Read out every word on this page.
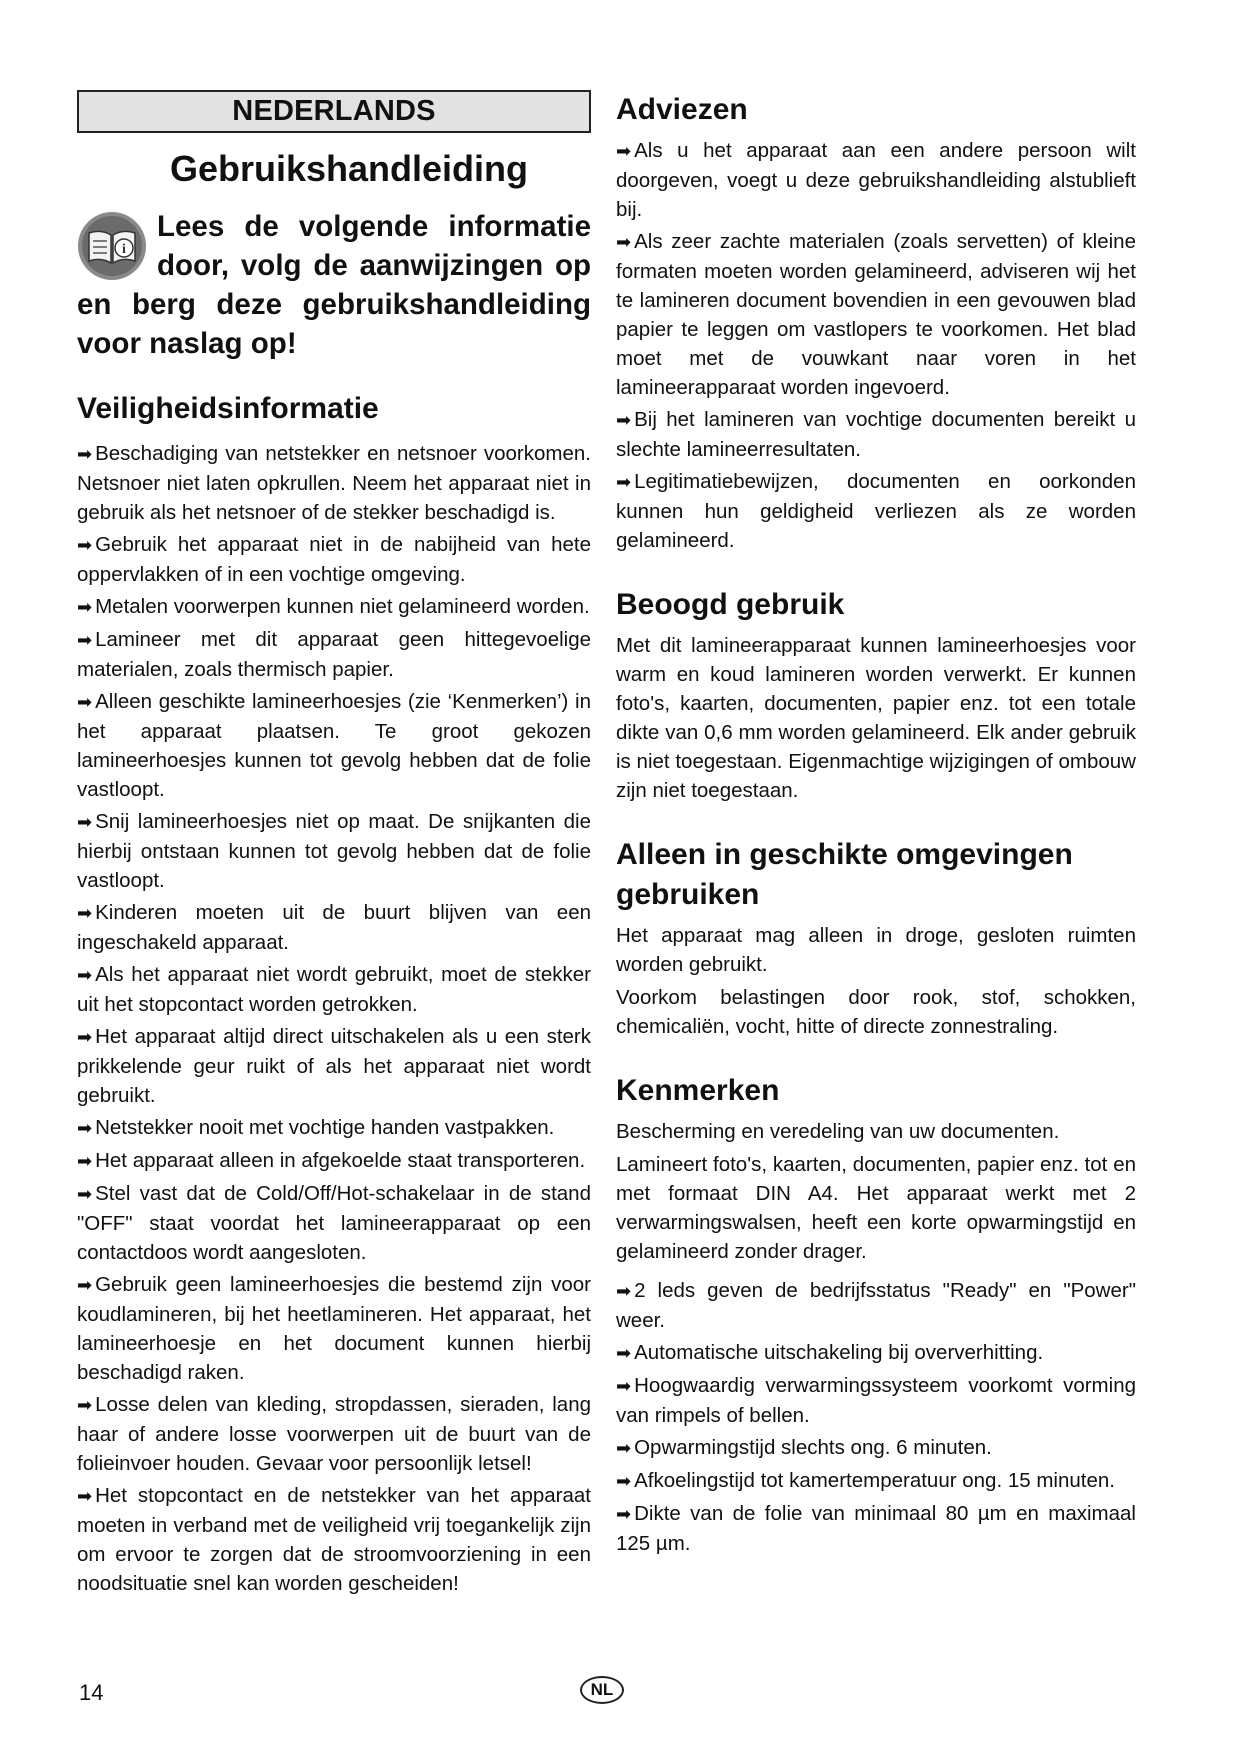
NEDERLANDS
Gebruikshandleiding
i

Lees de volgende informatie door, volg de aanwijzingen op en berg deze gebruikshandleiding voor naslag op!

Veiligheidsinformatie

➡ Beschadiging van netstekker en netsnoer voorkomen. Netsnoer niet laten opkrullen. Neem het apparaat niet in gebruik als het netsnoer of de stekker beschadigd is.

➡ Gebruik het apparaat niet in de nabijheid van hete oppervlakken of in een vochtige omgeving.

➡ Metalen voorwerpen kunnen niet gelamineerd worden.

➡ Lamineer met dit apparaat geen hittegevoelige materialen, zoals thermisch papier.

➡ Alleen geschikte lamineerhoesjes (zie ‘Kenmerken’) in het apparaat plaatsen. Te groot gekozen lamineerhoesjes kunnen tot gevolg hebben dat de folie vastloopt.

➡ Snij lamineerhoesjes niet op maat. De snijkanten die hierbij ontstaan kunnen tot gevolg hebben dat de folie vastloopt.

➡ Kinderen moeten uit de buurt blijven van een ingeschakeld apparaat.

➡ Als het apparaat niet wordt gebruikt, moet de stekker uit het stopcontact worden getrokken.

➡ Het apparaat altijd direct uitschakelen als u een sterk prikkelende geur ruikt of als het apparaat niet wordt gebruikt.

➡ Netstekker nooit met vochtige handen vastpakken.

➡ Het apparaat alleen in afgekoelde staat transporteren.

➡ Stel vast dat de Cold/Off/Hot-schakelaar in de stand "OFF" staat voordat het lamineerapparaat op een contactdoos wordt aangesloten.

➡ Gebruik geen lamineerhoesjes die bestemd zijn voor koudlamineren, bij het heetlamineren. Het apparaat, het lamineerhoesje en het document kunnen hierbij beschadigd raken.

➡ Losse delen van kleding, stropdassen, sieraden, lang haar of andere losse voorwerpen uit de buurt van de folieinvoer houden. Gevaar voor persoonlijk letsel!

➡ Het stopcontact en de netstekker van het apparaat moeten in verband met de veiligheid vrij toegankelijk zijn om ervoor te zorgen dat de stroomvoorziening in een noodsituatie snel kan worden gescheiden!

Adviezen

➡ Als u het apparaat aan een andere persoon wilt doorgeven, voegt u deze gebruikshandleiding alstublieft bij.

➡ Als zeer zachte materialen (zoals servetten) of kleine formaten moeten worden gelamineerd, adviseren wij het te lamineren document bovendien in een gevouwen blad papier te leggen om vastlopers te voorkomen. Het blad moet met de vouwkant naar voren in het lamineerapparaat worden ingevoerd.

➡ Bij het lamineren van vochtige documenten bereikt u slechte lamineerresultaten.

➡ Legitimatiebewijzen, documenten en oorkonden kunnen hun geldigheid verliezen als ze worden gelamineerd.

Beoogd gebruik

Met dit lamineerapparaat kunnen lamineerhoesjes voor warm en koud lamineren worden verwerkt. Er kunnen foto's, kaarten, documenten, papier enz. tot een totale dikte van 0,6 mm worden gelamineerd. Elk ander gebruik is niet toegestaan. Eigenmachtige wijzigingen of ombouw zijn niet toegestaan.

Alleen in geschikte omgevingen gebruiken

Het apparaat mag alleen in droge, gesloten ruimten worden gebruikt.

Voorkom belastingen door rook, stof, schokken, chemicaliën, vocht, hitte of directe zonnestraling.

Kenmerken

Bescherming en veredeling van uw documenten.

Lamineert foto's, kaarten, documenten, papier enz. tot en met formaat DIN A4. Het apparaat werkt met 2 verwarmingswalsen, heeft een korte opwarmingstijd en gelamineerd zonder drager.

➡ 2 leds geven de bedrijfsstatus "Ready" en "Power" weer.

➡ Automatische uitschakeling bij oververhitting.

➡ Hoogwaardig verwarmingssysteem voorkomt vorming van rimpels of bellen.

➡ Opwarmingstijd slechts ong. 6 minuten.

➡ Afkoelingstijd tot kamertemperatuur ong. 15 minuten.

➡ Dikte van de folie van minimaal 80 µm en maximaal 125 µm.

14	NL
